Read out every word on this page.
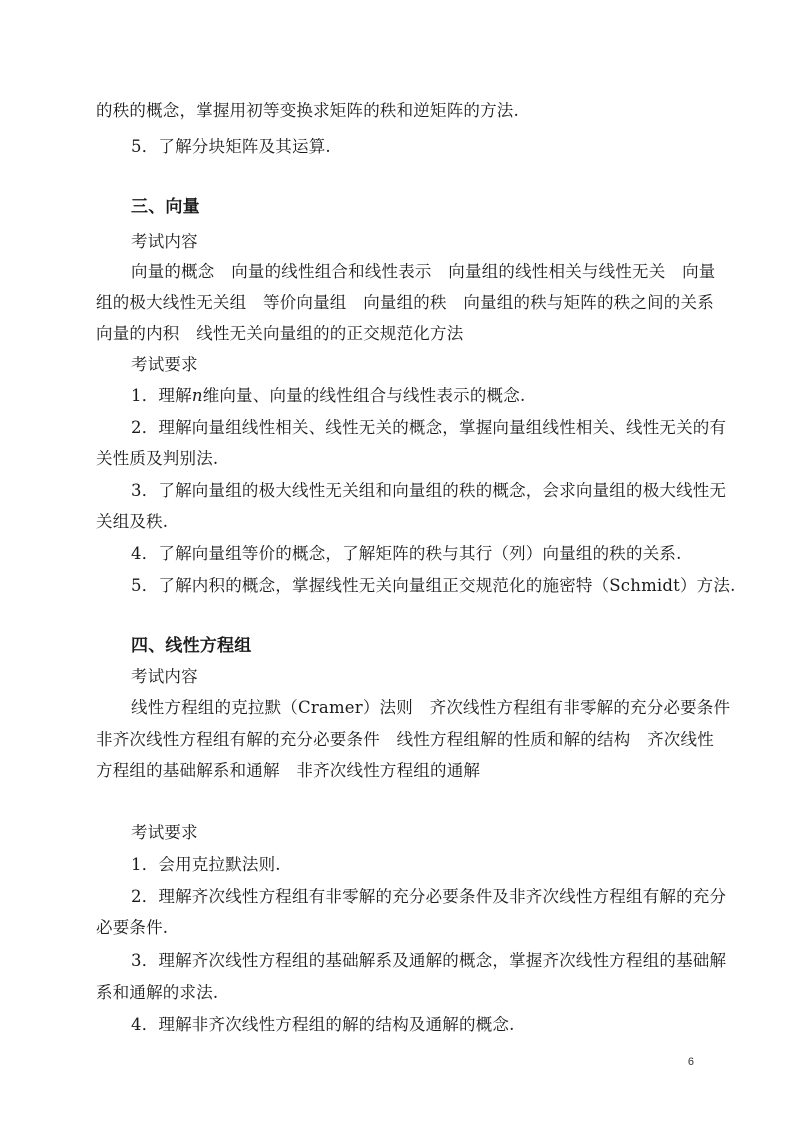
的秩的概念，掌握用初等变换求矩阵的秩和逆矩阵的方法.
5．了解分块矩阵及其运算.
三、向量
考试内容
向量的概念　向量的线性组合和线性表示　向量组的线性相关与线性无关　向量
组的极大线性无关组　等价向量组　向量组的秩　向量组的秩与矩阵的秩之间的关系
向量的内积　线性无关向量组的的正交规范化方法
考试要求
1．理解n维向量、向量的线性组合与线性表示的概念.
2．理解向量组线性相关、线性无关的概念，掌握向量组线性相关、线性无关的有
关性质及判别法.
3．了解向量组的极大线性无关组和向量组的秩的概念，会求向量组的极大线性无
关组及秩.
4．了解向量组等价的概念，了解矩阵的秩与其行（列）向量组的秩的关系.
5．了解内积的概念，掌握线性无关向量组正交规范化的施密特（Schmidt）方法.
四、线性方程组
考试内容
线性方程组的克拉默（Cramer）法则　齐次线性方程组有非零解的充分必要条件
非齐次线性方程组有解的充分必要条件　线性方程组解的性质和解的结构　齐次线性
方程组的基础解系和通解　非齐次线性方程组的通解
考试要求
1．会用克拉默法则.
2．理解齐次线性方程组有非零解的充分必要条件及非齐次线性方程组有解的充分
必要条件.
3．理解齐次线性方程组的基础解系及通解的概念，掌握齐次线性方程组的基础解
系和通解的求法.
4．理解非齐次线性方程组的解的结构及通解的概念.
6
